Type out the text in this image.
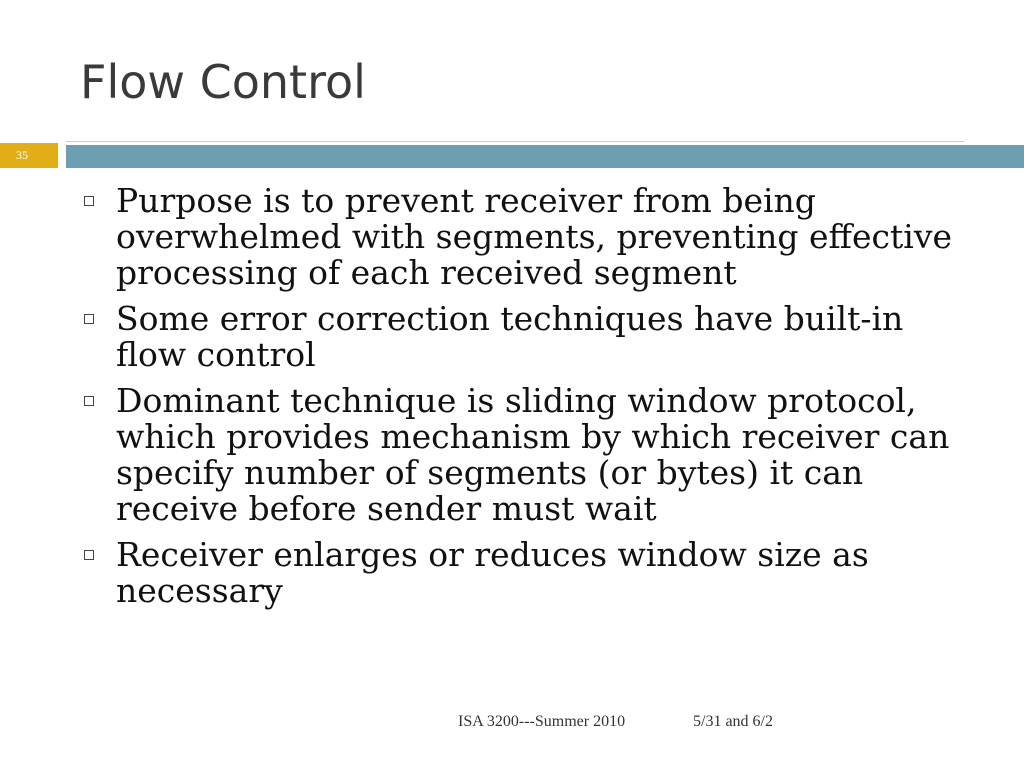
Flow Control
35
Purpose is to prevent receiver from being overwhelmed with segments, preventing effective processing of each received segment
Some error correction techniques have built-in flow control
Dominant technique is sliding window protocol, which provides mechanism by which receiver can specify number of segments (or bytes) it can receive before sender must wait
Receiver enlarges or reduces window size as necessary
ISA 3200---Summer 2010	5/31 and 6/2
